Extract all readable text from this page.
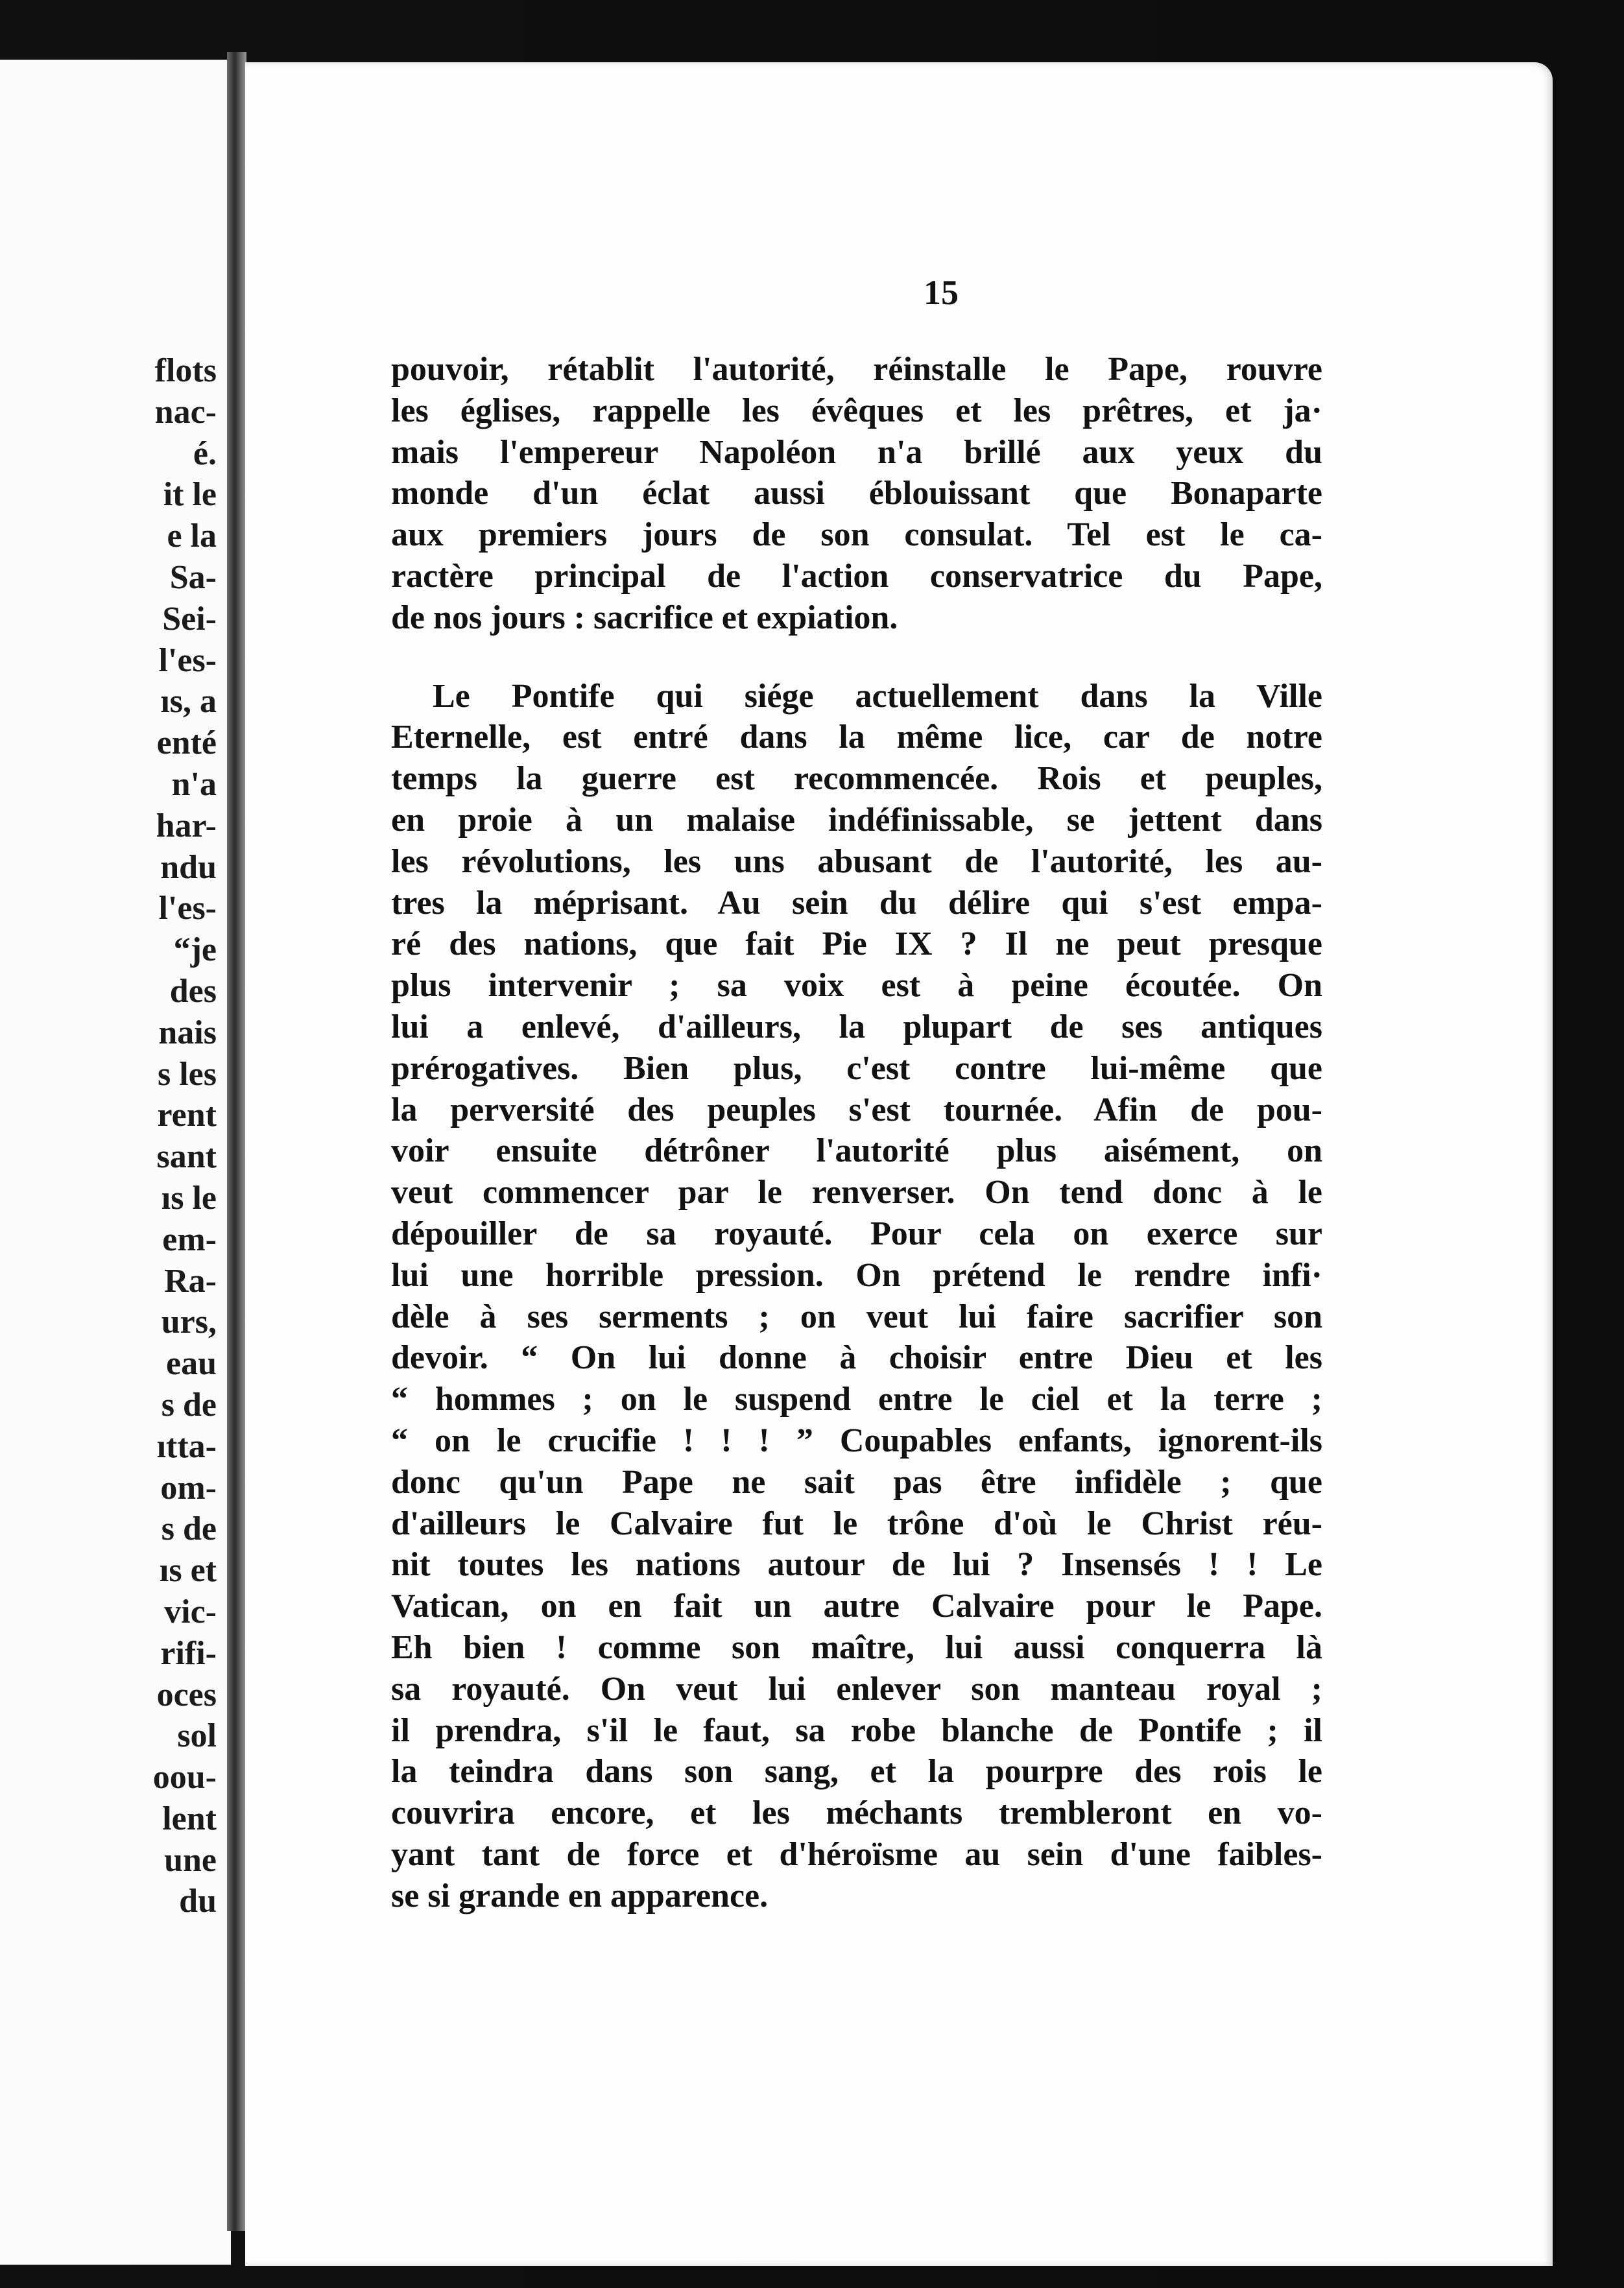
flots
nac-
é.
it le
e la
Sa-
Sei-
l'es-
ıs, a
enté
n'a
har-
ndu
l'es-
“je
des
nais
s les
rent
sant
ıs le
em-
Ra-
urs,
eau
s de
ıtta-
om-
s de
ıs et
vic-
rifi-
oces
sol
oou-
lent
une
du
15
pouvoir, rétablit l'autorité, réinstalle le Pape, rouvre
les églises, rappelle les évêques et les prêtres, et ja·
mais l'empereur Napoléon n'a brillé aux yeux du
monde d'un éclat aussi éblouissant que Bonaparte
aux premiers jours de son consulat. Tel est le ca-
ractère principal de l'action conservatrice du Pape,
de nos jours : sacrifice et expiation.
Le Pontife qui siége actuellement dans la Ville
Eternelle, est entré dans la même lice, car de notre
temps la guerre est recommencée. Rois et peuples,
en proie à un malaise indéfinissable, se jettent dans
les révolutions, les uns abusant de l'autorité, les au-
tres la méprisant. Au sein du délire qui s'est empa-
ré des nations, que fait Pie IX ? Il ne peut presque
plus intervenir ; sa voix est à peine écoutée. On
lui a enlevé, d'ailleurs, la plupart de ses antiques
prérogatives. Bien plus, c'est contre lui-même que
la perversité des peuples s'est tournée. Afin de pou-
voir ensuite détrôner l'autorité plus aisément, on
veut commencer par le renverser. On tend donc à le
dépouiller de sa royauté. Pour cela on exerce sur
lui une horrible pression. On prétend le rendre infi·
dèle à ses serments ; on veut lui faire sacrifier son
devoir. “ On lui donne à choisir entre Dieu et les
“ hommes ; on le suspend entre le ciel et la terre ;
“ on le crucifie ! ! ! ” Coupables enfants, ignorent-ils
donc qu'un Pape ne sait pas être infidèle ; que
d'ailleurs le Calvaire fut le trône d'où le Christ réu-
nit toutes les nations autour de lui ? Insensés ! ! Le
Vatican, on en fait un autre Calvaire pour le Pape.
Eh bien ! comme son maître, lui aussi conquerra là
sa royauté. On veut lui enlever son manteau royal ;
il prendra, s'il le faut, sa robe blanche de Pontife ; il
la teindra dans son sang, et la pourpre des rois le
couvrira encore, et les méchants trembleront en vo-
yant tant de force et d'héroïsme au sein d'une faibles-
se si grande en apparence.
